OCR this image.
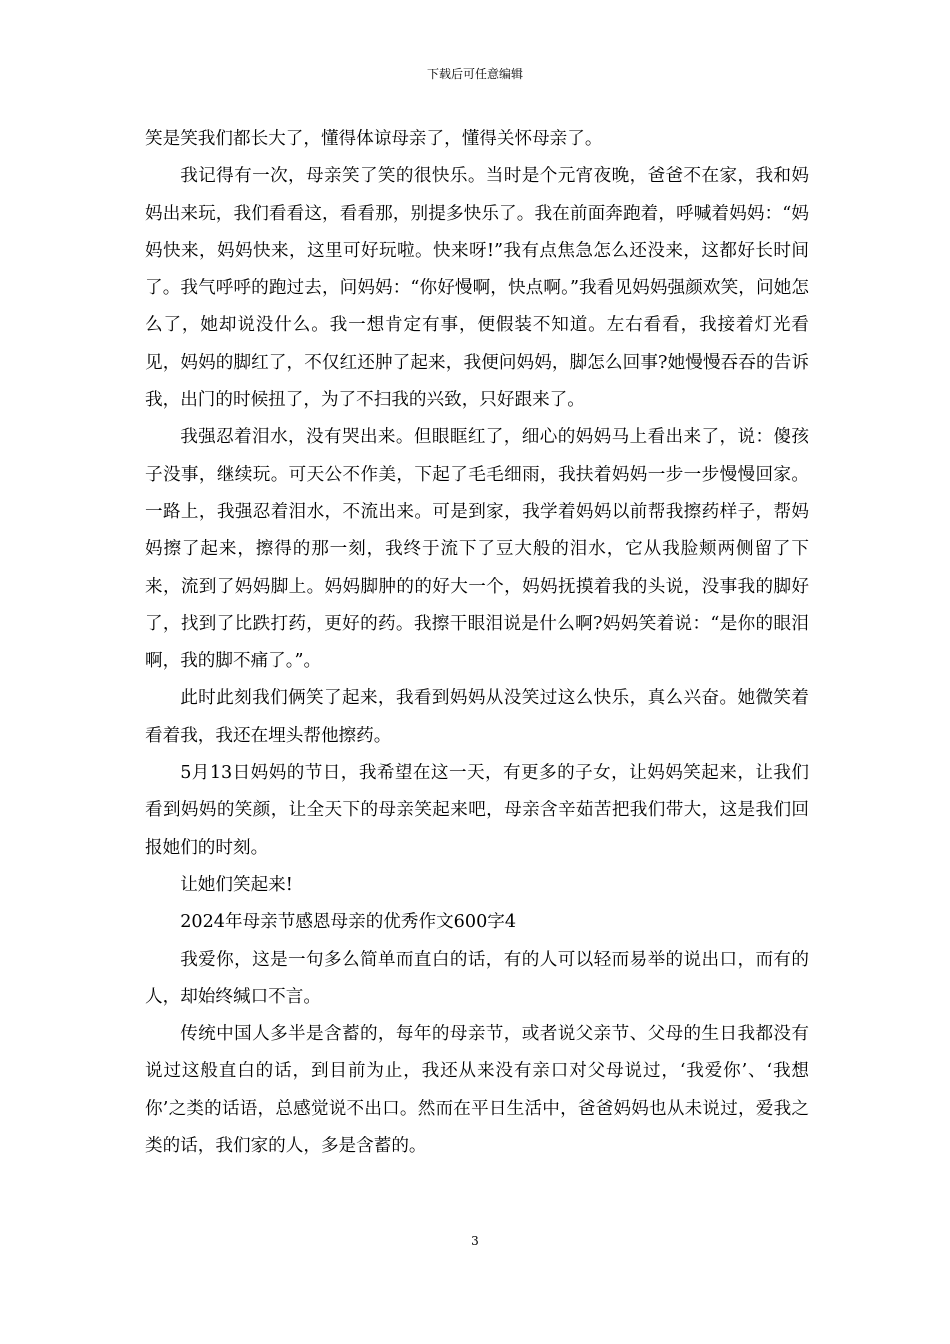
下载后可任意编辑

笑是笑我们都长大了，懂得体谅母亲了，懂得关怀母亲了。

我记得有一次，母亲笑了笑的很快乐。当时是个元宵夜晚，爸爸不在家，我和妈妈出来玩，我们看看这，看看那，别提多快乐了。我在前面奔跑着，呼喊着妈妈：“妈妈快来，妈妈快来，这里可好玩啦。快来呀!”我有点焦急怎么还没来，这都好长时间了。我气呼呼的跑过去，问妈妈：“你好慢啊，快点啊。”我看见妈妈强颜欢笑，问她怎么了，她却说没什么。我一想肯定有事，便假装不知道。左右看看，我接着灯光看见，妈妈的脚红了，不仅红还肿了起来，我便问妈妈，脚怎么回事?她慢慢吞吞的告诉我，出门的时候扭了，为了不扫我的兴致，只好跟来了。

我强忍着泪水，没有哭出来。但眼眶红了，细心的妈妈马上看出来了，说：傻孩子没事，继续玩。可天公不作美，下起了毛毛细雨，我扶着妈妈一步一步慢慢回家。一路上，我强忍着泪水，不流出来。可是到家，我学着妈妈以前帮我擦药样子，帮妈妈擦了起来，擦得的那一刻，我终于流下了豆大般的泪水，它从我脸颊两侧留了下来，流到了妈妈脚上。妈妈脚肿的的好大一个，妈妈抚摸着我的头说，没事我的脚好了，找到了比跌打药，更好的药。我擦干眼泪说是什么啊?妈妈笑着说：“是你的眼泪啊，我的脚不痛了。”。

此时此刻我们俩笑了起来，我看到妈妈从没笑过这么快乐，真么兴奋。她微笑着看着我，我还在埋头帮他擦药。

5月13日妈妈的节日，我希望在这一天，有更多的子女，让妈妈笑起来，让我们看到妈妈的笑颜，让全天下的母亲笑起来吧，母亲含辛茹苦把我们带大，这是我们回报她们的时刻。

让她们笑起来!

2024年母亲节感恩母亲的优秀作文600字4

我爱你，这是一句多么简单而直白的话，有的人可以轻而易举的说出口，而有的人，却始终缄口不言。

传统中国人多半是含蓄的，每年的母亲节，或者说父亲节、父母的生日我都没有说过这般直白的话，到目前为止，我还从来没有亲口对父母说过，‘我爱你’、‘我想你’之类的话语，总感觉说不出口。然而在平日生活中，爸爸妈妈也从未说过，爱我之类的话，我们家的人，多是含蓄的。

3
